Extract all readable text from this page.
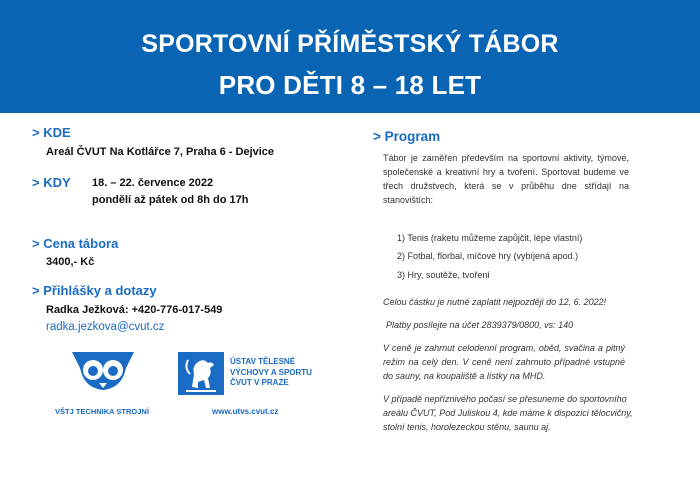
SPORTOVNÍ PŘÍMĚSTSKÝ TÁBOR
PRO DĚTI 8 – 18 LET
> KDE
Areál ČVUT Na Kotlářce 7, Praha 6 - Dejvice
> KDY 18. – 22. července 2022
pondělí až pátek od 8h do 17h
> Cena tábora
3400,- Kč
> Přihlášky a dotazy
Radka Ježková: +420-776-017-549
radka.jezkova@cvut.cz
> Program
Tábor je zaměřen především na sportovní aktivity, týmové, společenské a kreativní hry a tvoření. Sportovat budeme ve třech družstvech, která se v průběhu dne střídají na stanovištích:
1) Tenis (raketu můžeme zapůjčit, lépe vlastní)
2) Fotbal, florbal, míčové hry (vybíjená apod.)
3) Hry, soutěže, tvoření
Celou částku je nutné zaplatit nejpozději do 12. 6. 2022!
Platby posílejte na účet 2839379/0800, vs: 140
V ceně je zahrnut celodenní program, oběd, svačina a pitný režim na celý den. V ceně není zahrnuto případné vstupné do sauny, na koupaliště a lístky na MHD.
V případě nepříznivého počasí se přesuneme do sportovního areálu ČVUT, Pod Juliskou 4, kde máme k dispozici tělocvičny, stolní tenis, horolezeckou stěnu, saunu aj.
VŠTJ TECHNIKA STROJNÍ
ÚSTAV TĚLESNÉ
VÝCHOVY A SPORTU
ČVUT V PRAZE
www.utvs.cvut.cz
